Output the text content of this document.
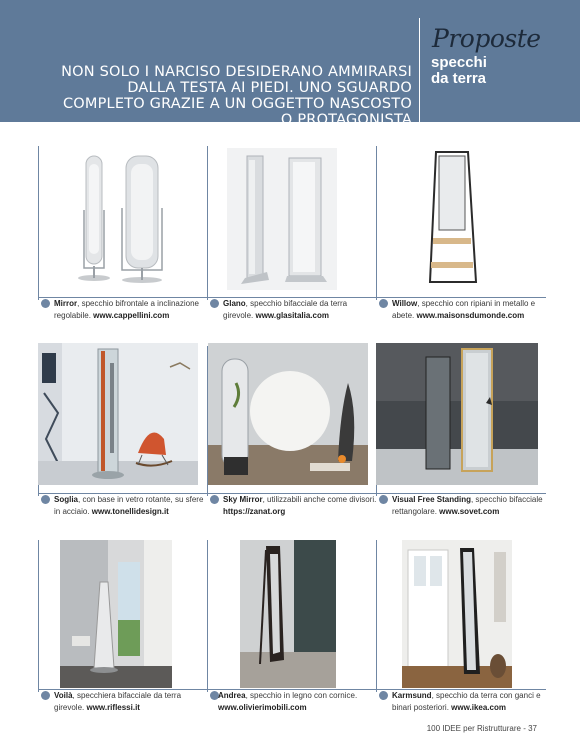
NON SOLO I NARCISO DESIDERANO AMMIRARSI DALLA TESTA AI PIEDI. UNO SGUARDO COMPLETO GRAZIE A UN OGGETTO NASCOSTO O PROTAGONISTA
Proposte
specchi
da terra
Mirror, specchio bifrontale a inclinazione regolabile. www.cappellini.com
Glano, specchio bifacciale da terra girevole. www.glasitalia.com
Willow, specchio con ripiani in metallo e abete. www.maisonsdumonde.com
Soglia, con base in vetro rotante, su sfere in acciaio. www.tonellidesign.it
Sky Mirror, utilizzabili anche come divisori. https://zanat.org
Visual Free Standing, specchio bifacciale rettangolare. www.sovet.com
Voilà, specchiera bifacciale da terra girevole. www.riflessi.it
Andrea, specchio in legno con cornice. www.olivierimobili.com
Karmsund, specchio da terra con ganci e binari posteriori. www.ikea.com
100 IDEE per Ristrutturare - 37
